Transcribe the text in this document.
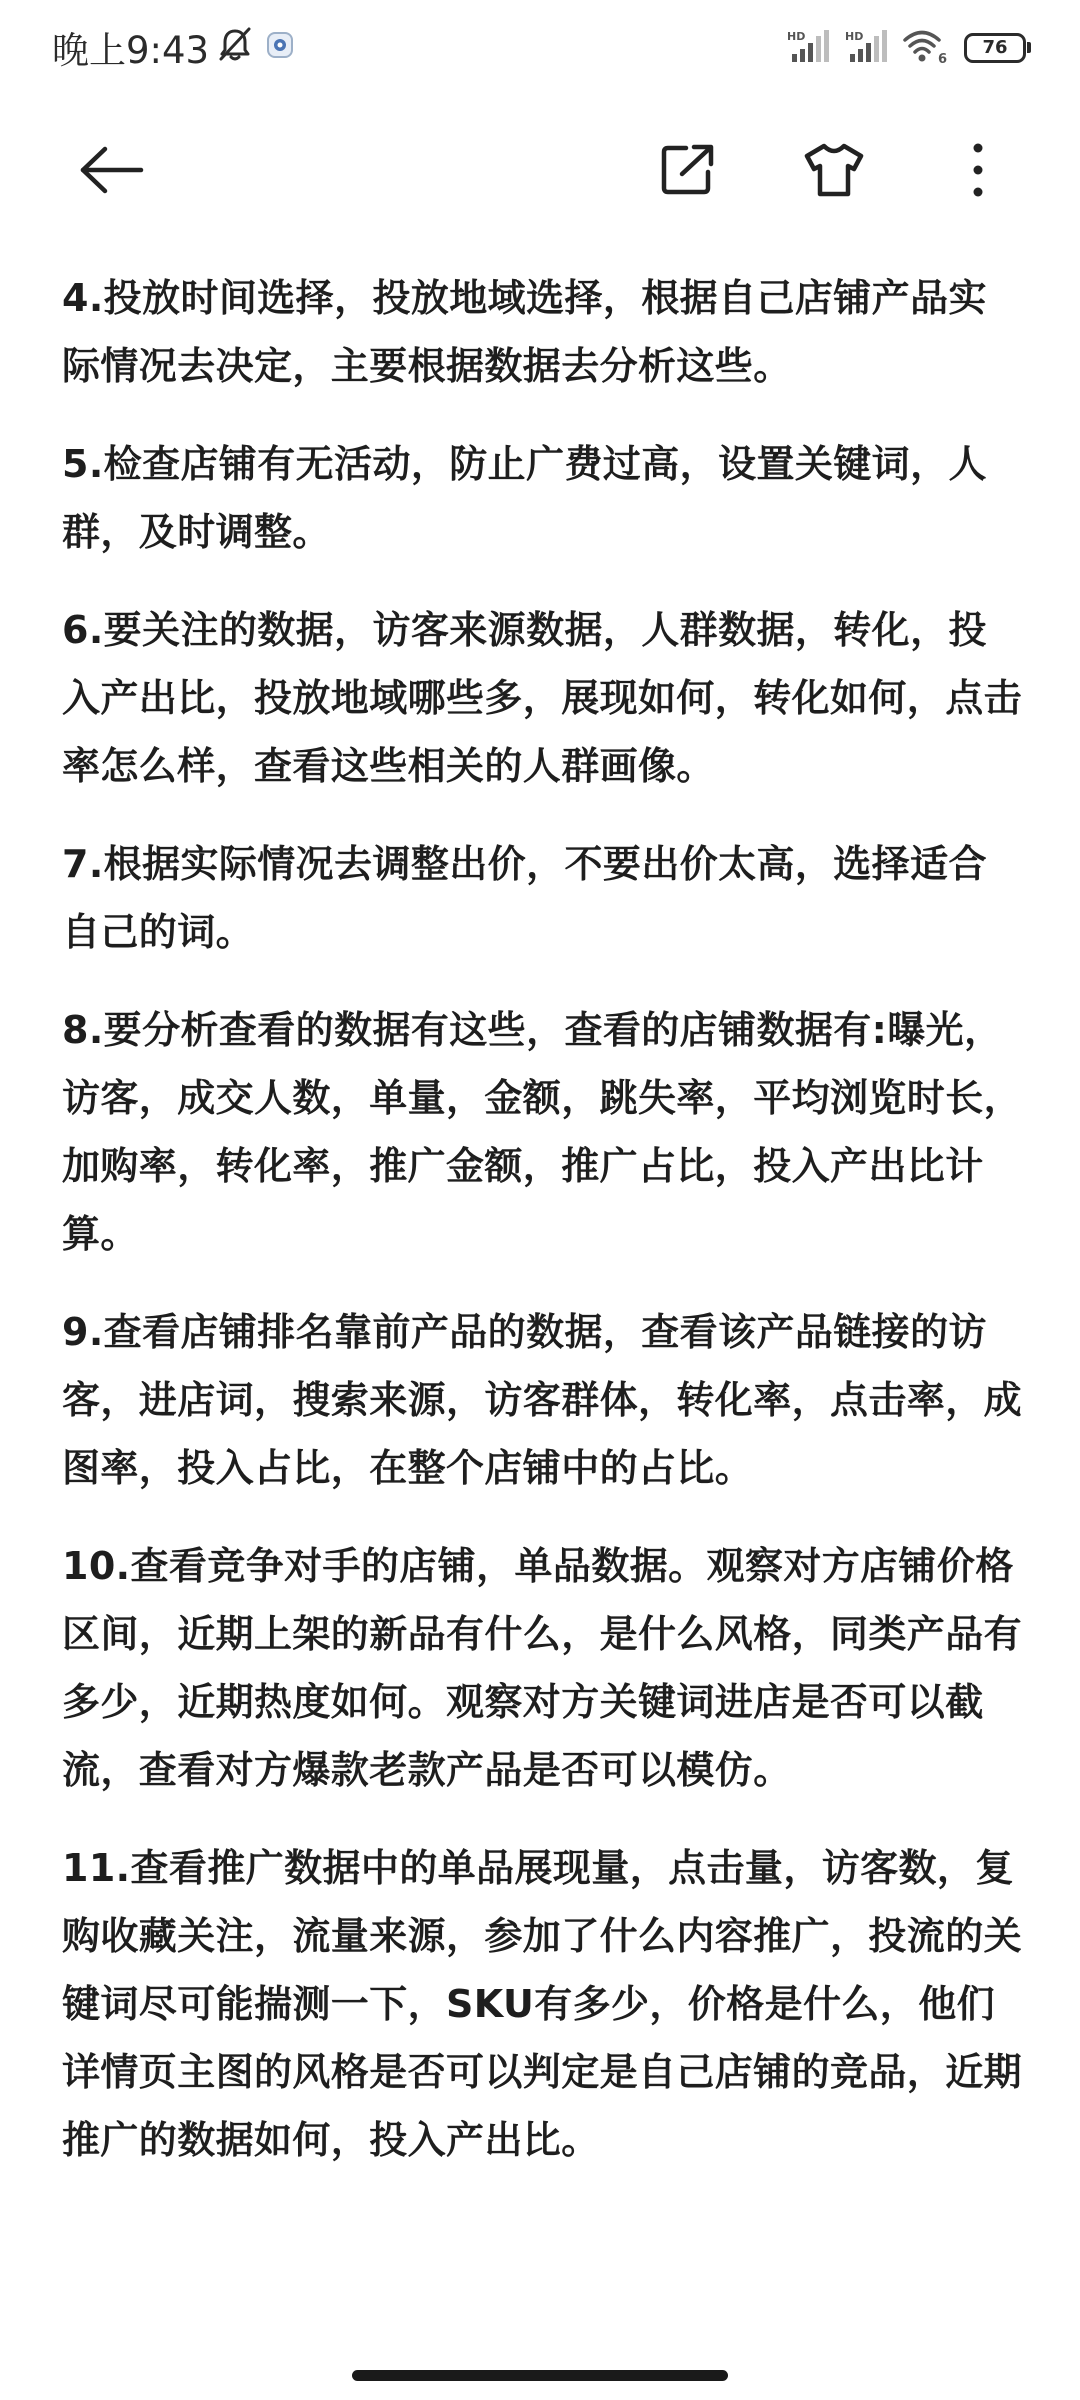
晚上9:43	HD	HD
6
76

4.投放时间选择，投放地域选择，根据自己店铺产品实际情况去决定，主要根据数据去分析这些。

5.检查店铺有无活动，防止广费过高，设置关键词，人群，及时调整。

6.要关注的数据，访客来源数据，人群数据，转化，投入产出比，投放地域哪些多，展现如何，转化如何，点击率怎么样，查看这些相关的人群画像。

7.根据实际情况去调整出价，不要出价太高，选择适合自己的词。

8.要分析查看的数据有这些，查看的店铺数据有:曝光，访客，成交人数，单量，金额，跳失率，平均浏览时长，加购率，转化率，推广金额，推广占比，投入产出比计算。

9.查看店铺排名靠前产品的数据，查看该产品链接的访客，进店词，搜索来源，访客群体，转化率，点击率，成图率，投入占比，在整个店铺中的占比。

10.查看竞争对手的店铺，单品数据。观察对方店铺价格区间，近期上架的新品有什么，是什么风格，同类产品有多少，近期热度如何。观察对方关键词进店是否可以截流，查看对方爆款老款产品是否可以模仿。

11.查看推广数据中的单品展现量，点击量，访客数，复购收藏关注，流量来源，参加了什么内容推广，投流的关键词尽可能揣测一下，SKU有多少，价格是什么，他们详情页主图的风格是否可以判定是自己店铺的竞品，近期推广的数据如何，投入产出比。
